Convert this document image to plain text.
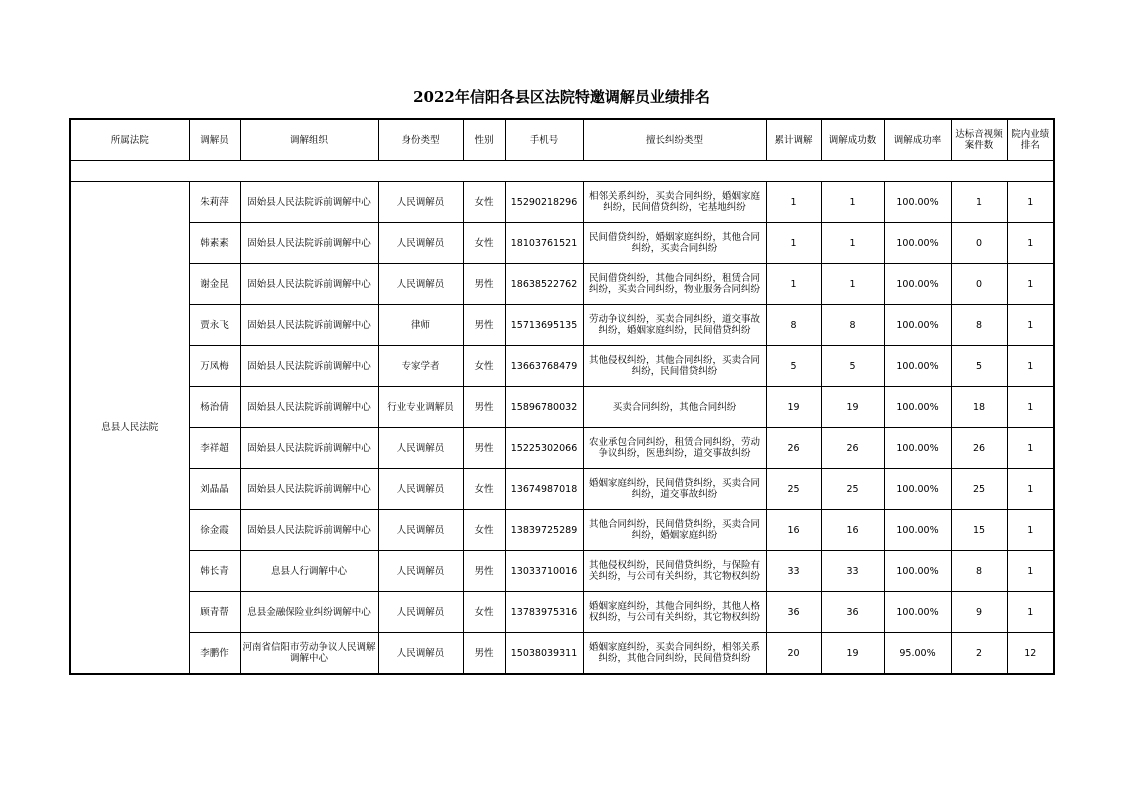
2022年信阳各县区法院特邀调解员业绩排名
所属法院	调解员	调解组织	身份类型	性别	手机号	擅长纠纷类型	累计调解	调解成功数	调解成功率	达标音视频案件数	院内业绩排名

息县人民法院	朱莉萍	固始县人民法院诉前调解中心	人民调解员	女性	15290218296	相邻关系纠纷，买卖合同纠纷，婚姻家庭纠纷，民间借贷纠纷，宅基地纠纷	1	1	100.00%	1	1
	韩素素	固始县人民法院诉前调解中心	人民调解员	女性	18103761521	民间借贷纠纷，婚姻家庭纠纷，其他合同纠纷，买卖合同纠纷	1	1	100.00%	0	1
	谢金昆	固始县人民法院诉前调解中心	人民调解员	男性	18638522762	民间借贷纠纷，其他合同纠纷，租赁合同纠纷，买卖合同纠纷，物业服务合同纠纷	1	1	100.00%	0	1
	贾永飞	固始县人民法院诉前调解中心	律师	男性	15713695135	劳动争议纠纷，买卖合同纠纷，道交事故纠纷，婚姻家庭纠纷，民间借贷纠纷	8	8	100.00%	8	1
	万凤梅	固始县人民法院诉前调解中心	专家学者	女性	13663768479	其他侵权纠纷，其他合同纠纷，买卖合同纠纷，民间借贷纠纷	5	5	100.00%	5	1
	杨治倩	固始县人民法院诉前调解中心	行业专业调解员	男性	15896780032	买卖合同纠纷，其他合同纠纷	19	19	100.00%	18	1
	李祥超	固始县人民法院诉前调解中心	人民调解员	男性	15225302066	农业承包合同纠纷，租赁合同纠纷，劳动争议纠纷，医患纠纷，道交事故纠纷	26	26	100.00%	26	1
	刘晶晶	固始县人民法院诉前调解中心	人民调解员	女性	13674987018	婚姻家庭纠纷，民间借贷纠纷，买卖合同纠纷，道交事故纠纷	25	25	100.00%	25	1
	徐金霞	固始县人民法院诉前调解中心	人民调解员	女性	13839725289	其他合同纠纷，民间借贷纠纷，买卖合同纠纷，婚姻家庭纠纷	16	16	100.00%	15	1
	韩长青	息县人行调解中心	人民调解员	男性	13033710016	其他侵权纠纷，民间借贷纠纷，与保险有关纠纷，与公司有关纠纷，其它物权纠纷	33	33	100.00%	8	1
	顾青帮	息县金融保险业纠纷调解中心	人民调解员	女性	13783975316	婚姻家庭纠纷，其他合同纠纷，其他人格权纠纷，与公司有关纠纷，其它物权纠纷	36	36	100.00%	9	1
	李鹏作	河南省信阳市劳动争议人民调解调解中心	人民调解员	男性	15038039311	婚姻家庭纠纷，买卖合同纠纷，相邻关系纠纷，其他合同纠纷，民间借贷纠纷	20	19	95.00%	2	12
